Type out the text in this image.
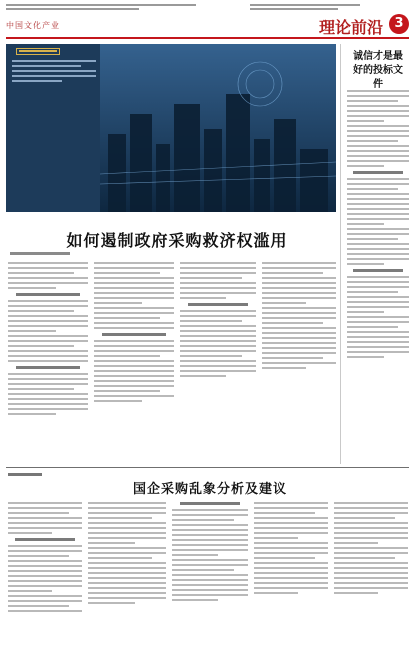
中国文化产业	理论前沿 3
如何遏制政府采购救济权滥用
诚信才是最好的投标文件
国企采购乱象分析及建议
